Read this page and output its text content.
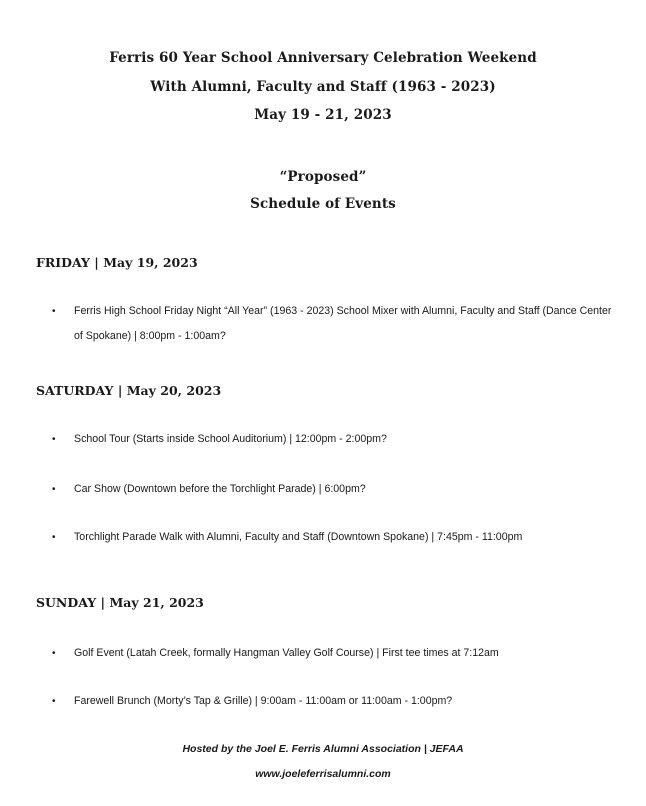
Ferris 60 Year School Anniversary Celebration Weekend
With Alumni, Faculty and Staff (1963 - 2023)
May 19 - 21, 2023
“Proposed”
Schedule of Events
FRIDAY | May 19, 2023
•	Ferris High School Friday Night “All Year” (1963 - 2023) School Mixer with Alumni, Faculty and Staff (Dance Center of Spokane) | 8:00pm - 1:00am?
SATURDAY | May 20, 2023
•	School Tour (Starts inside School Auditorium) | 12:00pm - 2:00pm?
•	Car Show (Downtown before the Torchlight Parade) | 6:00pm?
•	Torchlight Parade Walk with Alumni, Faculty and Staff (Downtown Spokane) | 7:45pm - 11:00pm
SUNDAY | May 21, 2023
•	Golf Event (Latah Creek, formally Hangman Valley Golf Course) | First tee times at 7:12am
•	Farewell Brunch (Morty’s Tap & Grille) | 9:00am - 11:00am or 11:00am - 1:00pm?
Hosted by the Joel E. Ferris Alumni Association | JEFAA
www.joeleferrisalumni.com
